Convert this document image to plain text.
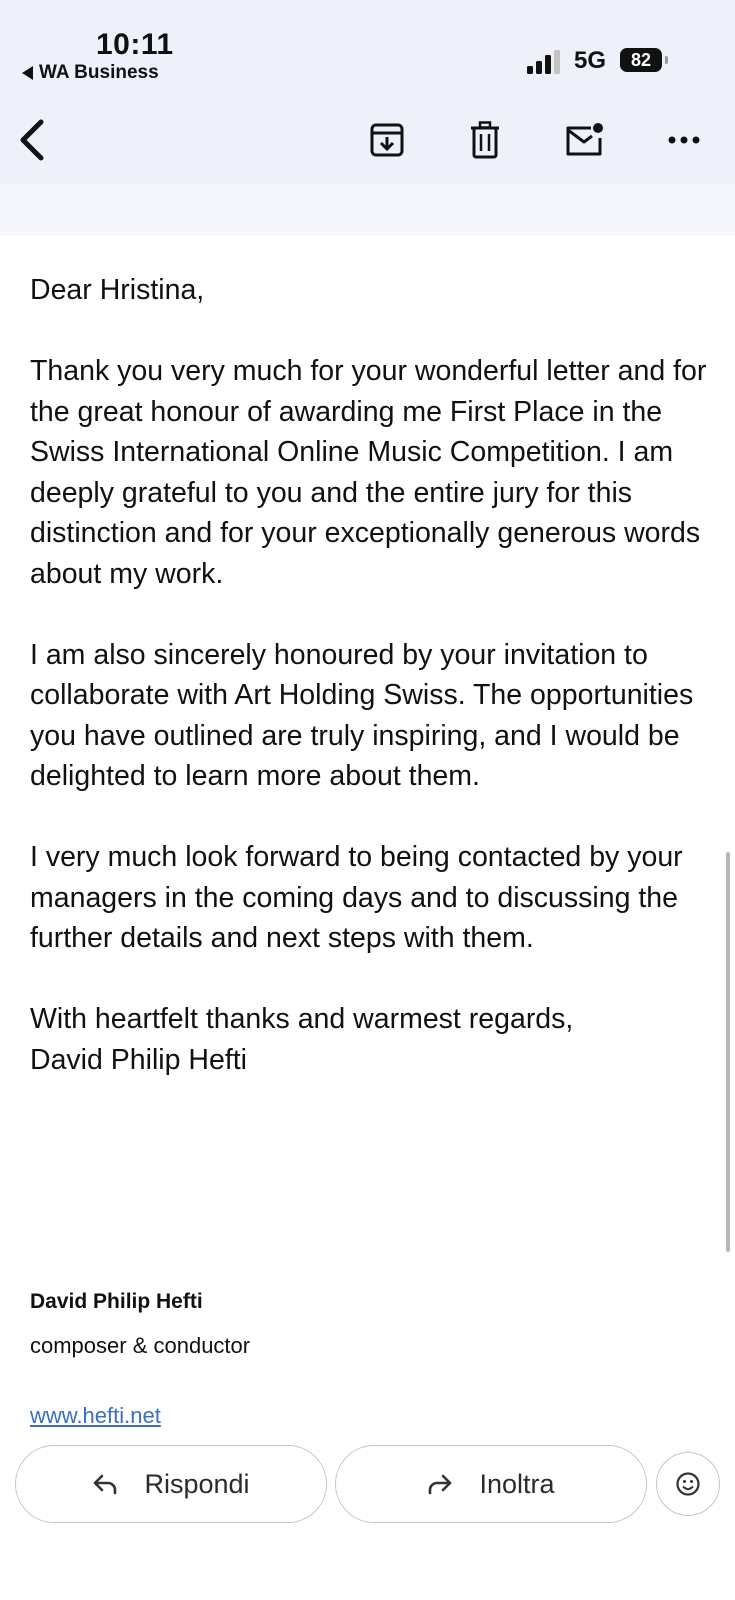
10:11
WA Business	5G	82

Dear Hristina,

Thank you very much for your wonderful letter and for the great honour of awarding me First Place in the Swiss International Online Music Competition. I am deeply grateful to you and the entire jury for this distinction and for your exceptionally generous words about my work.

I am also sincerely honoured by your invitation to collaborate with Art Holding Swiss. The opportunities you have outlined are truly inspiring, and I would be delighted to learn more about them.

I very much look forward to being contacted by your managers in the coming days and to discussing the further details and next steps with them.

With heartfelt thanks and warmest regards,

David Philip Hefti

David Philip Hefti
composer & conductor
www.hefti.net
Rispondi	Inoltra
